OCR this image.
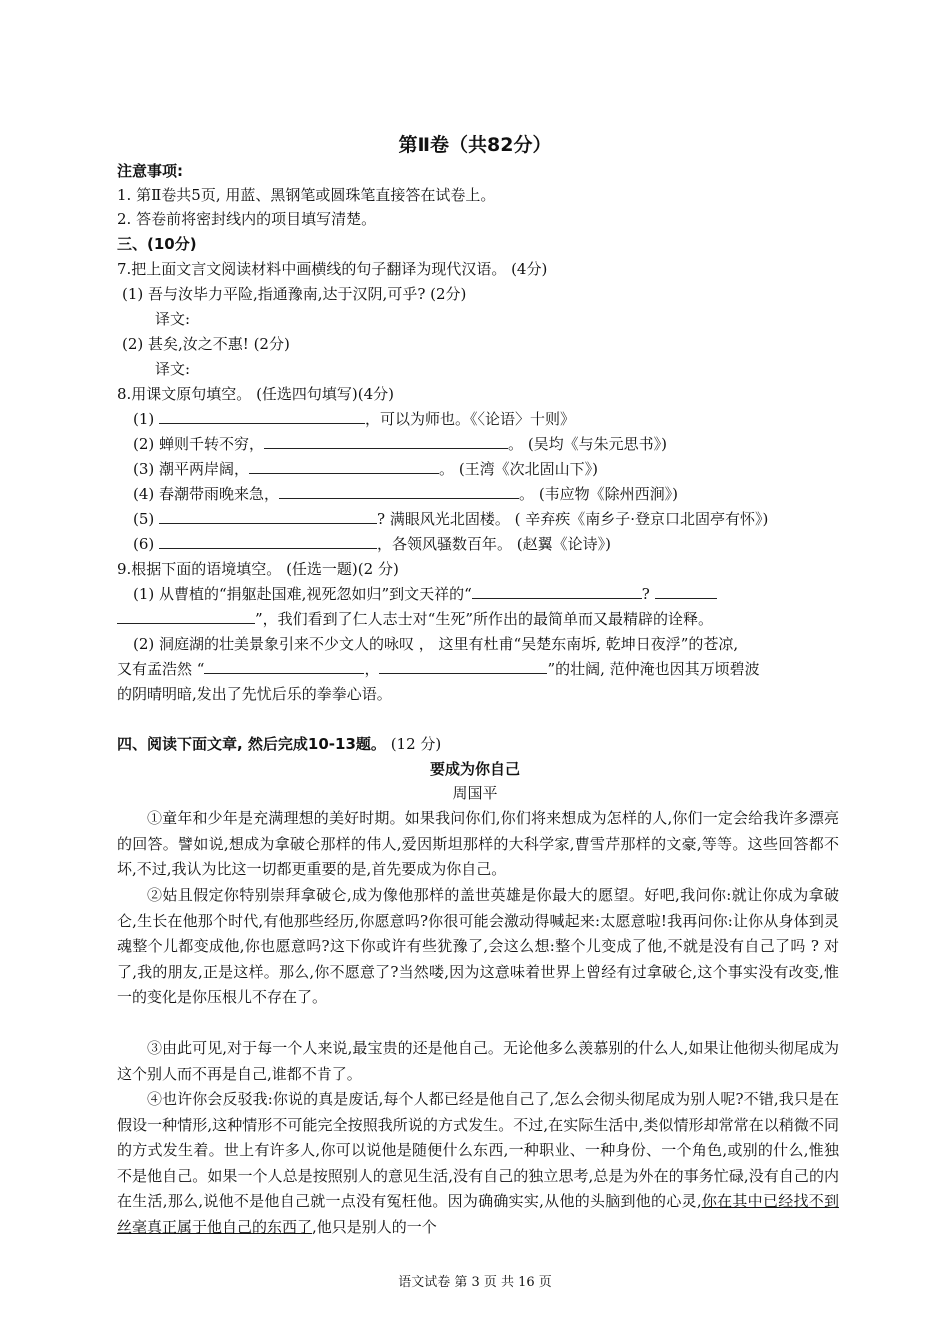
第Ⅱ卷（共82分）
注意事项:
1. 第Ⅱ卷共5页, 用蓝、黑钢笔或圆珠笔直接答在试卷上。
2. 答卷前将密封线内的项目填写清楚。
三、(10分)
7.把上面文言文阅读材料中画横线的句子翻译为现代汉语。 (4分)
(1) 吾与汝毕力平险,指通豫南,达于汉阴,可乎? (2分)
译文:
(2) 甚矣,汝之不惠! (2分)
译文:
8.用课文原句填空。 (任选四句填写)(4分)
(1)	，可以为师也。《〈论语〉十则》
(2) 蝉则千转不穷，	。 (吴均《与朱元思书》)
(3) 潮平两岸阔，	。 (王湾《次北固山下》)
(4) 春潮带雨晚来急，	。 (韦应物《除州西涧》)
(5)	? 满眼风光北固楼。 ( 辛弃疾《南乡子·登京口北固亭有怀》)
(6)	，各领风骚数百年。 (赵翼《论诗》)
9.根据下面的语境填空。 (任选一题)(2 分)
(1) 从曹植的“捐躯赴国难,视死忽如归”到文天祥的“	?
”，我们看到了仁人志士对“生死”所作出的最简单而又最精辟的诠释。
(2) 洞庭湖的壮美景象引来不少文人的咏叹 ， 这里有杜甫“吴楚东南坼, 乾坤日夜浮”的苍凉,
又有孟浩然 “	，	”的壮阔, 范仲淹也因其万顷碧波
的阴晴明暗,发出了先忧后乐的拳拳心语。
四、阅读下面文章, 然后完成10-13题。 (12 分)
要成为你自己
周国平
①童年和少年是充满理想的美好时期。如果我问你们,你们将来想成为怎样的人,你们一定会给我许多漂亮的回答。譬如说,想成为拿破仑那样的伟人,爱因斯坦那样的大科学家,曹雪芹那样的文豪,等等。这些回答都不坏,不过,我认为比这一切都更重要的是,首先要成为你自己。
②姑且假定你特别崇拜拿破仑,成为像他那样的盖世英雄是你最大的愿望。好吧,我问你:就让你成为拿破仑,生长在他那个时代,有他那些经历,你愿意吗?你很可能会激动得喊起来:太愿意啦!我再问你:让你从身体到灵魂整个儿都变成他,你也愿意吗?这下你或许有些犹豫了,会这么想:整个儿变成了他,不就是没有自己了吗 ? 对了,我的朋友,正是这样。那么,你不愿意了?当然喽,因为这意味着世界上曾经有过拿破仑,这个事实没有改变,惟一的变化是你压根儿不存在了。
③由此可见,对于每一个人来说,最宝贵的还是他自己。无论他多么羡慕别的什么人,如果让他彻头彻尾成为这个别人而不再是自己,谁都不肯了。
④也许你会反驳我:你说的真是废话,每个人都已经是他自己了,怎么会彻头彻尾成为别人呢?不错,我只是在假设一种情形,这种情形不可能完全按照我所说的方式发生。不过,在实际生活中,类似情形却常常在以稍微不同的方式发生着。世上有许多人,你可以说他是随便什么东西,一种职业、一种身份、一个角色,或别的什么,惟独不是他自己。如果一个人总是按照别人的意见生活,没有自己的独立思考,总是为外在的事务忙碌,没有自己的内在生活,那么,说他不是他自己就一点没有冤枉他。因为确确实实,从他的头脑到他的心灵,你在其中已经找不到丝毫真正属于他自己的东西了,他只是别人的一个
语文试卷 第 3 页 共 16 页
